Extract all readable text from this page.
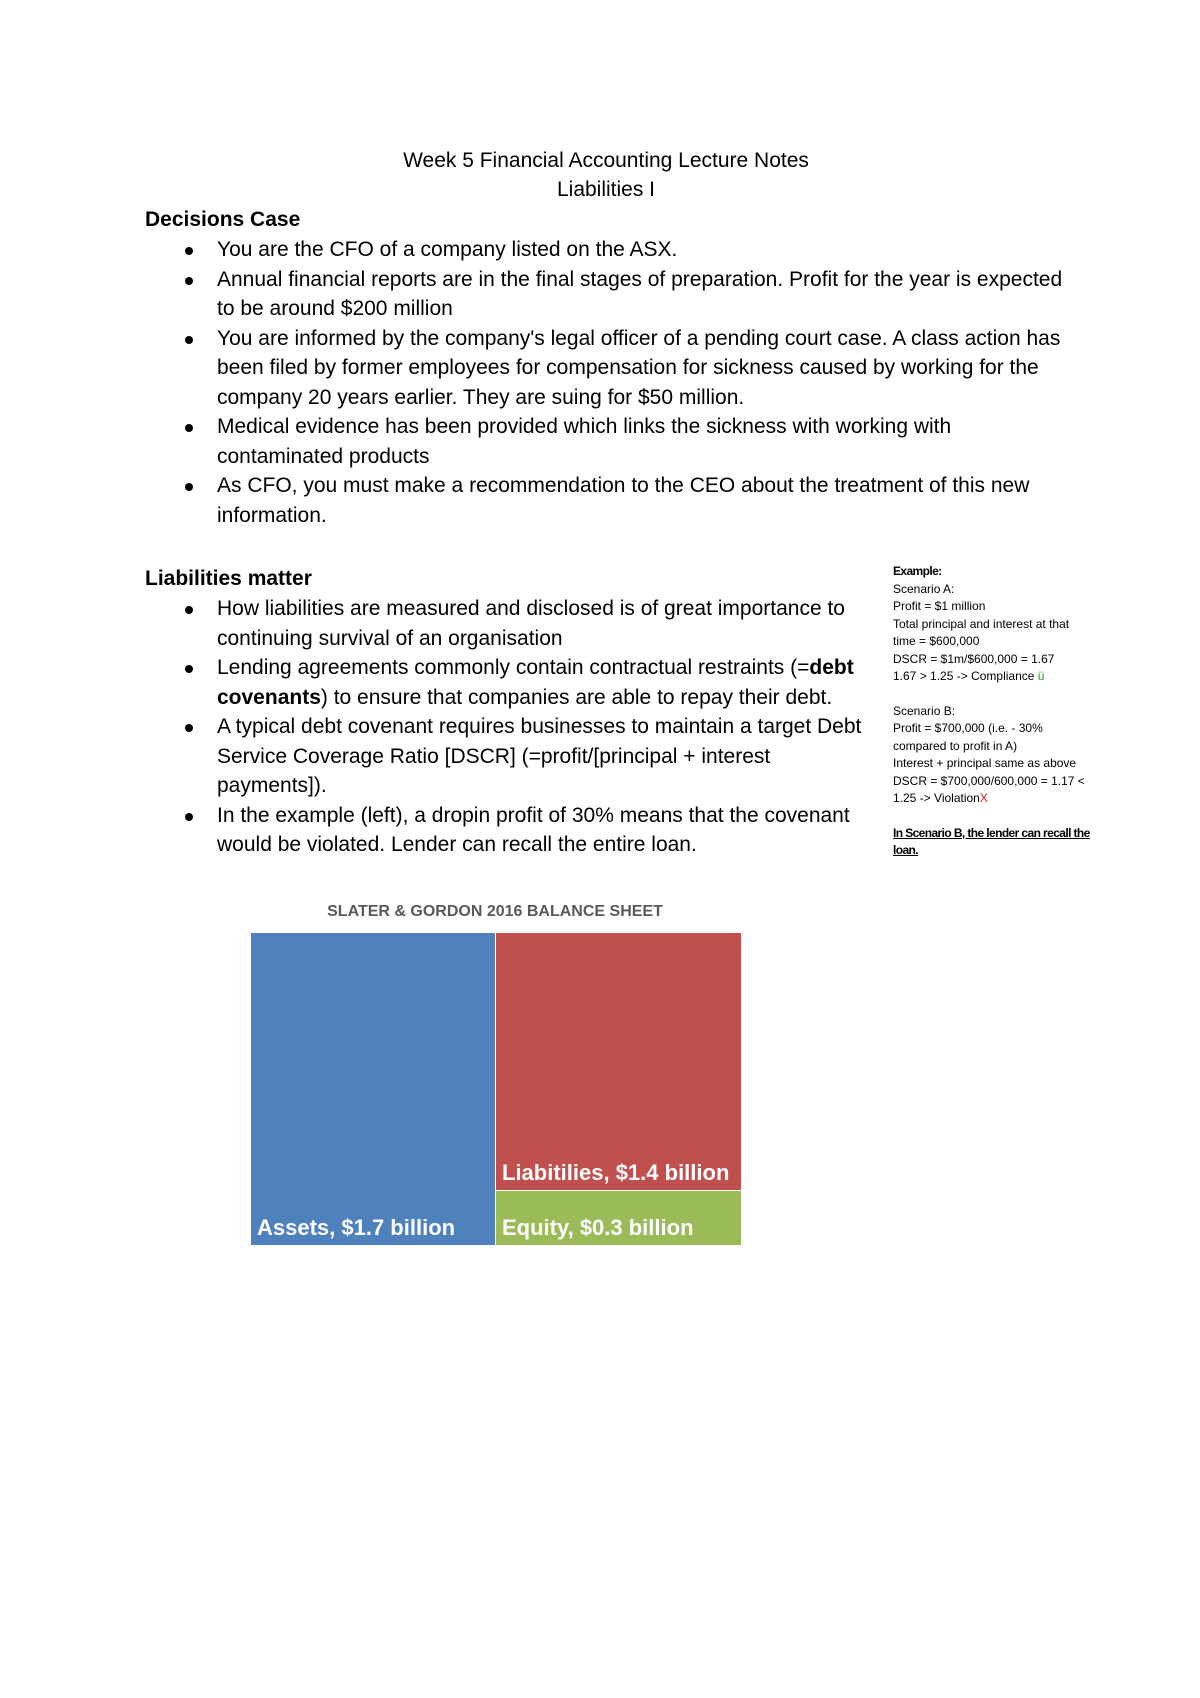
Week 5 Financial Accounting Lecture Notes
Liabilities I
Decisions Case
You are the CFO of a company listed on the ASX.
Annual financial reports are in the final stages of preparation. Profit for the year is expected to be around $200 million
You are informed by the company's legal officer of a pending court case. A class action has been filed by former employees for compensation for sickness caused by working for the company 20 years earlier. They are suing for $50 million.
Medical evidence has been provided which links the sickness with working with contaminated products
As CFO, you must make a recommendation to the CEO about the treatment of this new information.
Liabilities matter
How liabilities are measured and disclosed is of great importance to continuing survival of an organisation
Lending agreements commonly contain contractual restraints (=debt covenants) to ensure that companies are able to repay their debt.
A typical debt covenant requires businesses to maintain a target Debt Service Coverage Ratio [DSCR] (=profit/[principal + interest payments]).
In the example (left), a dropin profit of 30% means that the covenant would be violated. Lender can recall the entire loan.
Example:
Scenario A:
Profit = $1 million
Total principal and interest at that time = $600,000
DSCR = $1m/$600,000 = 1.67
1.67 > 1.25 -> Compliance ü
Scenario B:
Profit = $700,000 (i.e. - 30% compared to profit in A)
Interest + principal same as above
DSCR = $700,000/600,000 = 1.17 < 1.25 -> ViolationX
In Scenario B, the lender can recall the loan.
SLATER & GORDON 2016 BALANCE SHEET
Assets, $1.7 billion
Liabitilies, $1.4 billion
Equity, $0.3 billion
